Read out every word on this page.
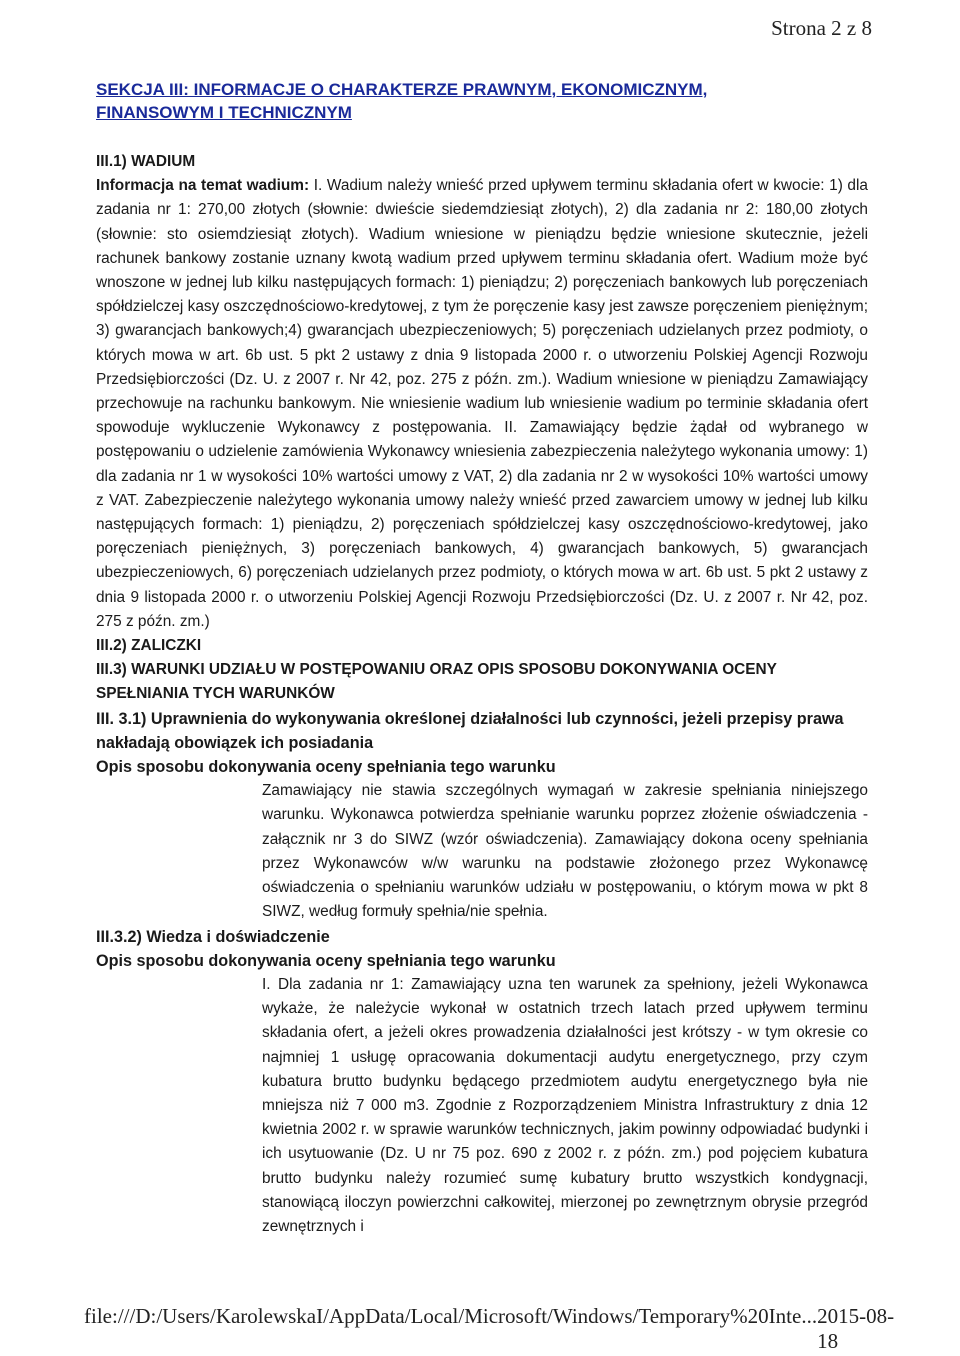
Strona 2 z 8
SEKCJA III: INFORMACJE O CHARAKTERZE PRAWNYM, EKONOMICZNYM,
FINANSOWYM I TECHNICZNYM
III.1) WADIUM

Informacja na temat wadium: I. Wadium należy wnieść przed upływem terminu składania ofert w kwocie: 1) dla zadania nr 1: 270,00 złotych (słownie: dwieście siedemdziesiąt złotych), 2) dla zadania nr 2: 180,00 złotych (słownie: sto osiemdziesiąt złotych). Wadium wniesione w pieniądzu będzie wniesione skutecznie, jeżeli rachunek bankowy zostanie uznany kwotą wadium przed upływem terminu składania ofert. Wadium może być wnoszone w jednej lub kilku następujących formach: 1) pieniądzu; 2) poręczeniach bankowych lub poręczeniach spółdzielczej kasy oszczędnościowo-kredytowej, z tym że poręczenie kasy jest zawsze poręczeniem pieniężnym; 3) gwarancjach bankowych;4) gwarancjach ubezpieczeniowych; 5) poręczeniach udzielanych przez podmioty, o których mowa w art. 6b ust. 5 pkt 2 ustawy z dnia 9 listopada 2000 r. o utworzeniu Polskiej Agencji Rozwoju Przedsiębiorczości (Dz. U. z 2007 r. Nr 42, poz. 275 z późn. zm.). Wadium wniesione w pieniądzu Zamawiający przechowuje na rachunku bankowym. Nie wniesienie wadium lub wniesienie wadium po terminie składania ofert spowoduje wykluczenie Wykonawcy z postępowania. II. Zamawiający będzie żądał od wybranego w postępowaniu o udzielenie zamówienia Wykonawcy wniesienia zabezpieczenia należytego wykonania umowy: 1) dla zadania nr 1 w wysokości 10% wartości umowy z VAT, 2) dla zadania nr 2 w wysokości 10% wartości umowy z VAT. Zabezpieczenie należytego wykonania umowy należy wnieść przed zawarciem umowy w jednej lub kilku następujących formach: 1) pieniądzu, 2) poręczeniach spółdzielczej kasy oszczędnościowo-kredytowej, jako poręczeniach pieniężnych, 3) poręczeniach bankowych, 4) gwarancjach bankowych, 5) gwarancjach ubezpieczeniowych, 6) poręczeniach udzielanych przez podmioty, o których mowa w art. 6b ust. 5 pkt 2 ustawy z dnia 9 listopada 2000 r. o utworzeniu Polskiej Agencji Rozwoju Przedsiębiorczości (Dz. U. z 2007 r. Nr 42, poz. 275 z późn. zm.)

III.2) ZALICZKI
III.3) WARUNKI UDZIAŁU W POSTĘPOWANIU ORAZ OPIS SPOSOBU DOKONYWANIA OCENY SPEŁNIANIA TYCH WARUNKÓW
III. 3.1) Uprawnienia do wykonywania określonej działalności lub czynności, jeżeli przepisy prawa nakładają obowiązek ich posiadania
Opis sposobu dokonywania oceny spełniania tego warunku

Zamawiający nie stawia szczególnych wymagań w zakresie spełniania niniejszego warunku. Wykonawca potwierdza spełnianie warunku poprzez złożenie oświadczenia - załącznik nr 3 do SIWZ (wzór oświadczenia). Zamawiający dokona oceny spełniania przez Wykonawców w/w warunku na podstawie złożonego przez Wykonawcę oświadczenia o spełnianiu warunków udziału w postępowaniu, o którym mowa w pkt 8 SIWZ, według formuły spełnia/nie spełnia.

III.3.2) Wiedza i doświadczenie
Opis sposobu dokonywania oceny spełniania tego warunku

I. Dla zadania nr 1: Zamawiający uzna ten warunek za spełniony, jeżeli Wykonawca wykaże, że należycie wykonał w ostatnich trzech latach przed upływem terminu składania ofert, a jeżeli okres prowadzenia działalności jest krótszy - w tym okresie co najmniej 1 usługę opracowania dokumentacji audytu energetycznego, przy czym kubatura brutto budynku będącego przedmiotem audytu energetycznego była nie mniejsza niż 7 000 m3. Zgodnie z Rozporządzeniem Ministra Infrastruktury z dnia 12 kwietnia 2002 r. w sprawie warunków technicznych, jakim powinny odpowiadać budynki i ich usytuowanie (Dz. U nr 75 poz. 690 z 2002 r. z późn. zm.) pod pojęciem kubatura brutto budynku należy rozumieć sumę kubatury brutto wszystkich kondygnacji, stanowiącą iloczyn powierzchni całkowitej, mierzonej po zewnętrznym obrysie przegród zewnętrznych i

file:///D:/Users/KarolewskaI/AppData/Local/Microsoft/Windows/Temporary%20Inte... 2015-08-18
